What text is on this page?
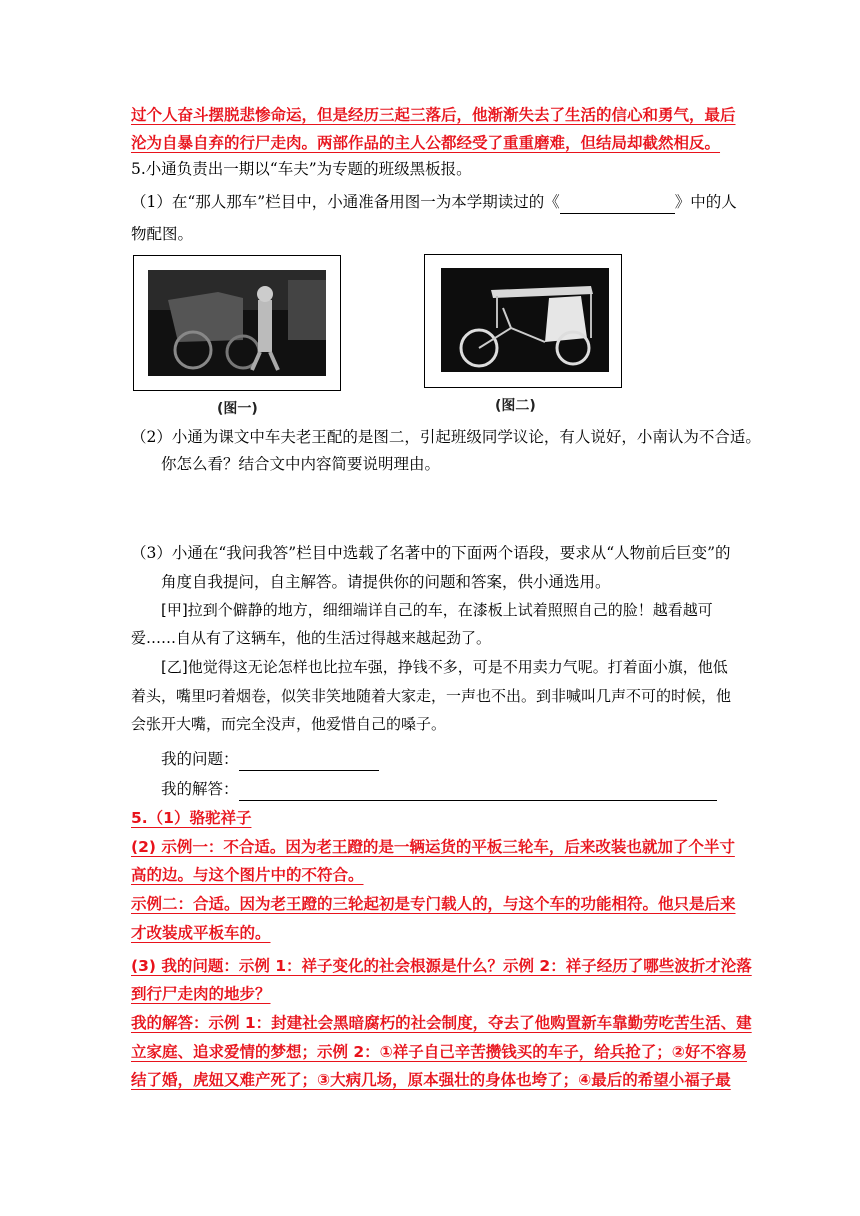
过个人奋斗摆脱悲惨命运，但是经历三起三落后，他渐渐失去了生活的信心和勇气，最后
沦为自暴自弃的行尸走肉。两部作品的主人公都经受了重重磨难，但结局却截然相反。
5.小通负责出一期以“车夫”为专题的班级黑板报。
（1）在“那人那车”栏目中，小通准备用图一为本学期读过的《	》中的人
物配图。
(图一)	(图二)
（2）小通为课文中车夫老王配的是图二，引起班级同学议论，有人说好，小南认为不合适。
你怎么看？结合文中内容简要说明理由。
（3）小通在“我问我答”栏目中选载了名著中的下面两个语段，要求从“人物前后巨变”的
角度自我提问，自主解答。请提供你的问题和答案，供小通选用。
[甲]拉到个僻静的地方，细细端详自己的车，在漆板上试着照照自己的脸！越看越可
爱……自从有了这辆车，他的生活过得越来越起劲了。
[乙]他觉得这无论怎样也比拉车强，挣钱不多，可是不用卖力气呢。打着面小旗，他低
着头，嘴里叼着烟卷，似笑非笑地随着大家走，一声也不出。到非喊叫几声不可的时候，他
会张开大嘴，而完全没声，他爱惜自己的嗓子。
我的问题：
我的解答：
5.（1）骆驼祥子
(2) 示例一：不合适。因为老王蹬的是一辆运货的平板三轮车，后来改装也就加了个半寸
高的边。与这个图片中的不符合。
示例二：合适。因为老王蹬的三轮起初是专门载人的，与这个车的功能相符。他只是后来
才改装成平板车的。
(3) 我的问题：示例 1：祥子变化的社会根源是什么？示例 2：祥子经历了哪些波折才沦落
到行尸走肉的地步？
我的解答：示例 1：封建社会黑暗腐朽的社会制度，夺去了他购置新车靠勤劳吃苦生活、建
立家庭、追求爱情的梦想；示例 2：①祥子自己辛苦攒钱买的车子，给兵抢了；②好不容易
结了婚，虎妞又难产死了；③大病几场，原本强壮的身体也垮了；④最后的希望小福子最
